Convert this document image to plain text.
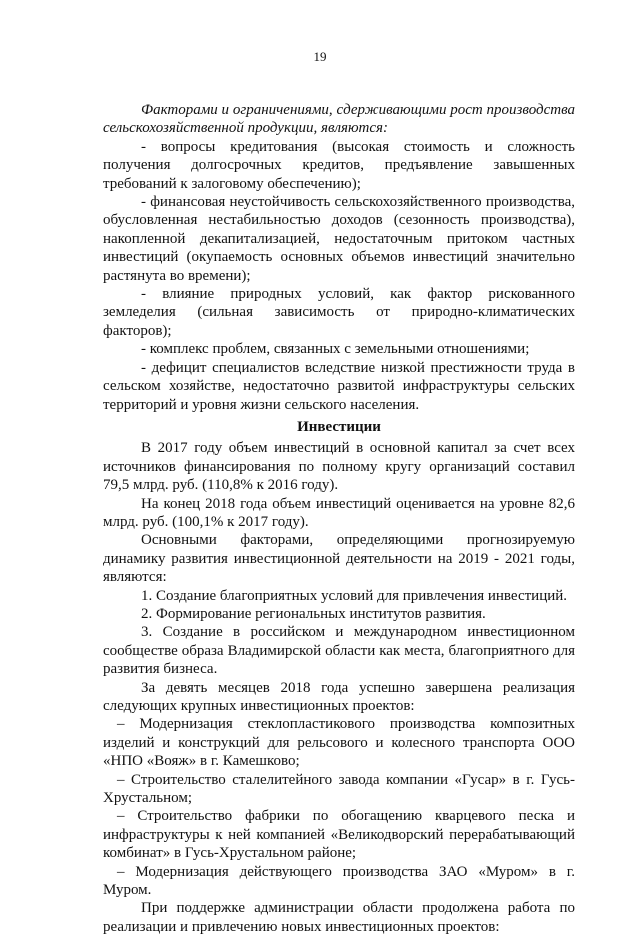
19

Факторами и ограничениями, сдерживающими рост производства сельскохозяйственной продукции, являются:

- вопросы кредитования (высокая стоимость и сложность получения долгосрочных кредитов, предъявление завышенных требований к залоговому обеспечению);

- финансовая неустойчивость сельскохозяйственного производства, обусловленная нестабильностью доходов (сезонность производства), накопленной декапитализацией, недостаточным притоком частных инвестиций (окупаемость основных объемов инвестиций значительно растянута во времени);

- влияние природных условий, как фактор рискованного земледелия (сильная зависимость от природно-климатических факторов);

- комплекс проблем, связанных с земельными отношениями;

- дефицит специалистов вследствие низкой престижности труда в сельском хозяйстве, недостаточно развитой инфраструктуры сельских территорий и уровня жизни сельского населения.

Инвестиции

В 2017 году объем инвестиций в основной капитал за счет всех источников финансирования по полному кругу организаций составил 79,5 млрд. руб. (110,8% к 2016 году).

На конец 2018 года объем инвестиций оценивается на уровне 82,6 млрд. руб. (100,1% к 2017 году).

Основными факторами, определяющими прогнозируемую динамику развития инвестиционной деятельности на 2019 - 2021 годы, являются:

1. Создание благоприятных условий для привлечения инвестиций.

2. Формирование региональных институтов развития.

3. Создание в российском и международном инвестиционном сообществе образа Владимирской области как места, благоприятного для развития бизнеса.

За девять месяцев 2018 года успешно завершена реализация следующих крупных инвестиционных проектов:

– Модернизация стеклопластикового производства композитных изделий и конструкций для рельсового и колесного транспорта ООО «НПО «Вояж» в г. Камешково;

– Строительство сталелитейного завода компании «Гусар» в г. Гусь-Хрустальном;

– Строительство фабрики по обогащению кварцевого песка и инфраструктуры к ней компанией «Великодворский перерабатывающий комбинат» в Гусь-Хрустальном районе;

– Модернизация действующего производства ЗАО «Муром» в г. Муром.

При поддержке администрации области продолжена работа по реализации и привлечению новых инвестиционных проектов:
